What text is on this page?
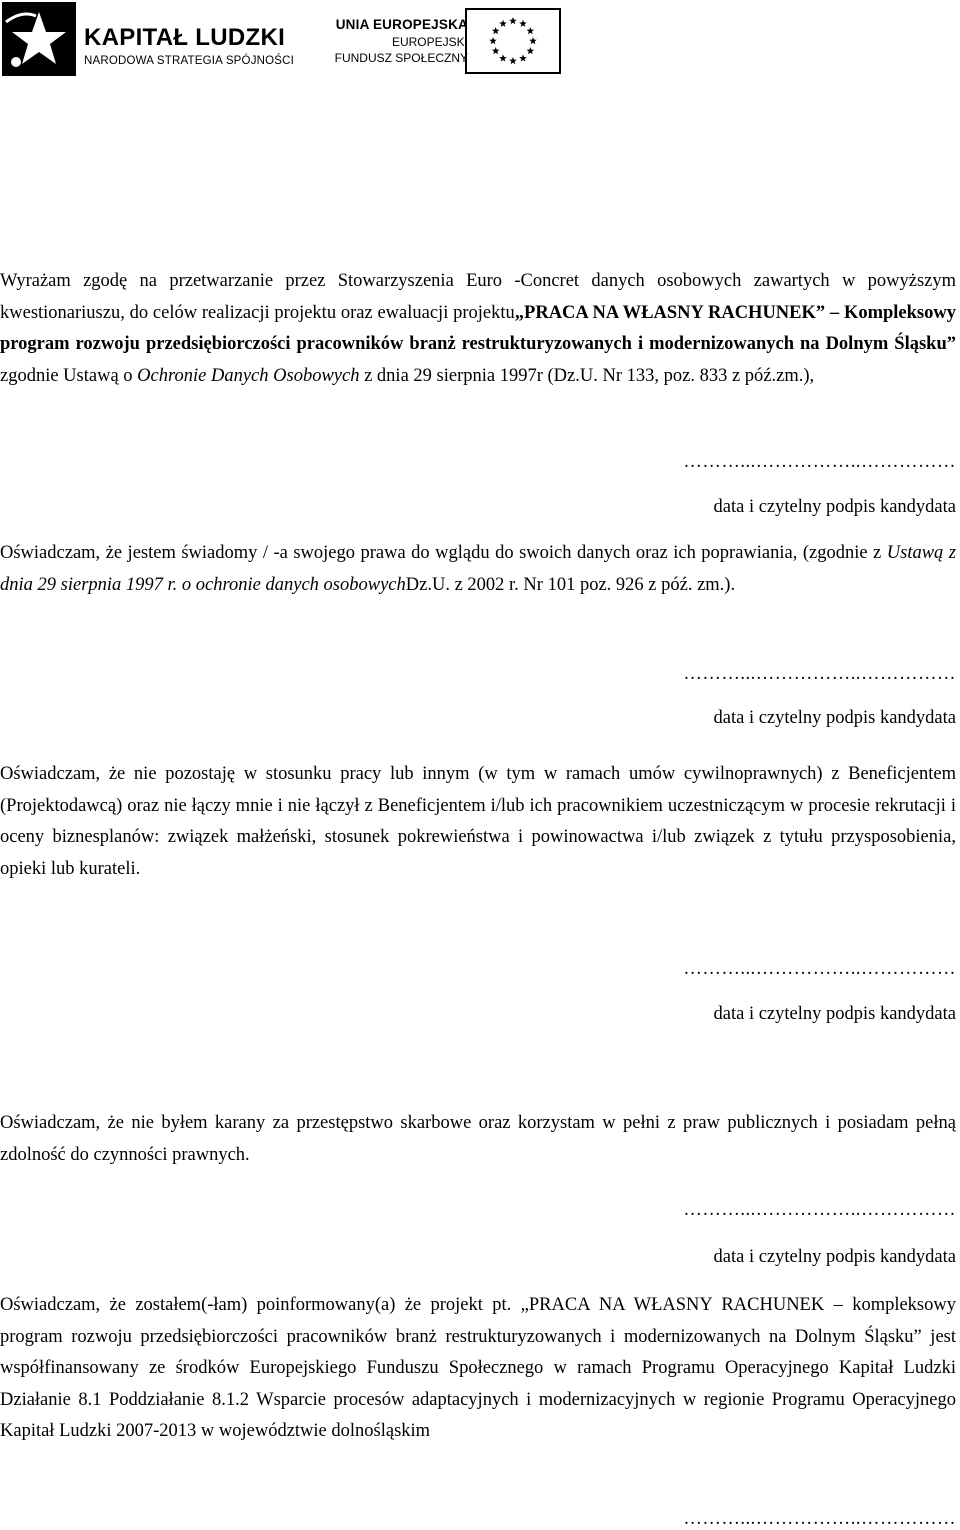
KAPITAŁ LUDZKI
NARODOWA STRATEGIA SPÓJNOŚCI
UNIA EUROPEJSKA
EUROPEJSKI
FUNDUSZ SPOŁECZNY

Wyrażam zgodę na przetwarzanie przez Stowarzyszenia Euro -Concret danych osobowych zawartych w powyższym kwestionariuszu, do celów realizacji projektu oraz ewaluacji projektu„PRACA NA WŁASNY RACHUNEK” – Kompleksowy program rozwoju przedsiębiorczości pracowników branż restrukturyzowanych i modernizowanych na Dolnym Śląsku” zgodnie Ustawą o Ochronie Danych Osobowych z dnia 29 sierpnia 1997r (Dz.U. Nr 133, poz. 833 z póź.zm.),

………...……………..……………
data i czytelny podpis kandydata

Oświadczam, że jestem świadomy / -a swojego prawa do wglądu do swoich danych oraz ich poprawiania, (zgodnie z Ustawą z dnia 29 sierpnia 1997 r. o ochronie danych osobowychDz.U. z 2002 r. Nr 101 poz. 926 z póź. zm.).

………...……………..……………
data i czytelny podpis kandydata

Oświadczam, że nie pozostaję w stosunku pracy lub innym (w tym w ramach umów cywilnoprawnych) z Beneficjentem (Projektodawcą) oraz nie łączy mnie i nie łączył z Beneficjentem i/lub ich pracownikiem uczestniczącym w procesie rekrutacji i oceny biznesplanów: związek małżeński, stosunek pokrewieństwa i powinowactwa i/lub związek z tytułu przysposobienia, opieki lub kurateli.

………...……………..……………
data i czytelny podpis kandydata

Oświadczam, że nie byłem karany za przestępstwo skarbowe oraz korzystam w pełni z praw publicznych i posiadam pełną zdolność do czynności prawnych.

………...……………..……………
data i czytelny podpis kandydata

Oświadczam, że zostałem(-łam) poinformowany(a) że projekt pt. „PRACA NA WŁASNY RACHUNEK – kompleksowy program rozwoju przedsiębiorczości pracowników branż restrukturyzowanych i modernizowanych na Dolnym Śląsku” jest współfinansowany ze środków Europejskiego Funduszu Społecznego w ramach Programu Operacyjnego Kapitał Ludzki Działanie 8.1 Poddziałanie 8.1.2 Wsparcie procesów adaptacyjnych i modernizacyjnych w regionie Programu Operacyjnego Kapitał Ludzki 2007-2013 w województwie dolnośląskim

………...……………..……………
